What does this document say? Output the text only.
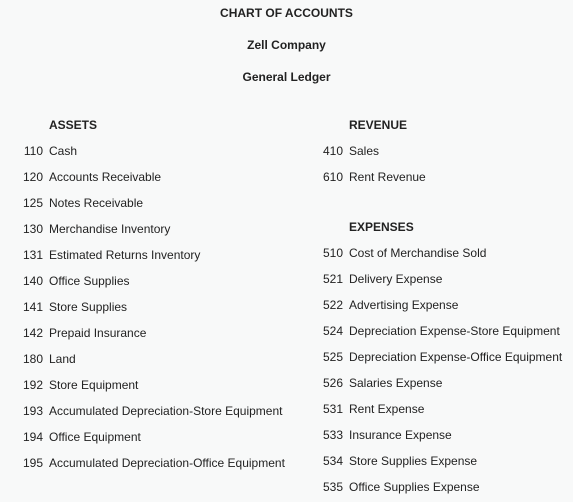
CHART OF ACCOUNTS
Zell Company
General Ledger
ASSETS
110 Cash
120 Accounts Receivable
125 Notes Receivable
130 Merchandise Inventory
131 Estimated Returns Inventory
140 Office Supplies
141 Store Supplies
142 Prepaid Insurance
180 Land
192 Store Equipment
193 Accumulated Depreciation-Store Equipment
194 Office Equipment
195 Accumulated Depreciation-Office Equipment
REVENUE
410 Sales
610 Rent Revenue
EXPENSES
510 Cost of Merchandise Sold
521 Delivery Expense
522 Advertising Expense
524 Depreciation Expense-Store Equipment
525 Depreciation Expense-Office Equipment
526 Salaries Expense
531 Rent Expense
533 Insurance Expense
534 Store Supplies Expense
535 Office Supplies Expense
